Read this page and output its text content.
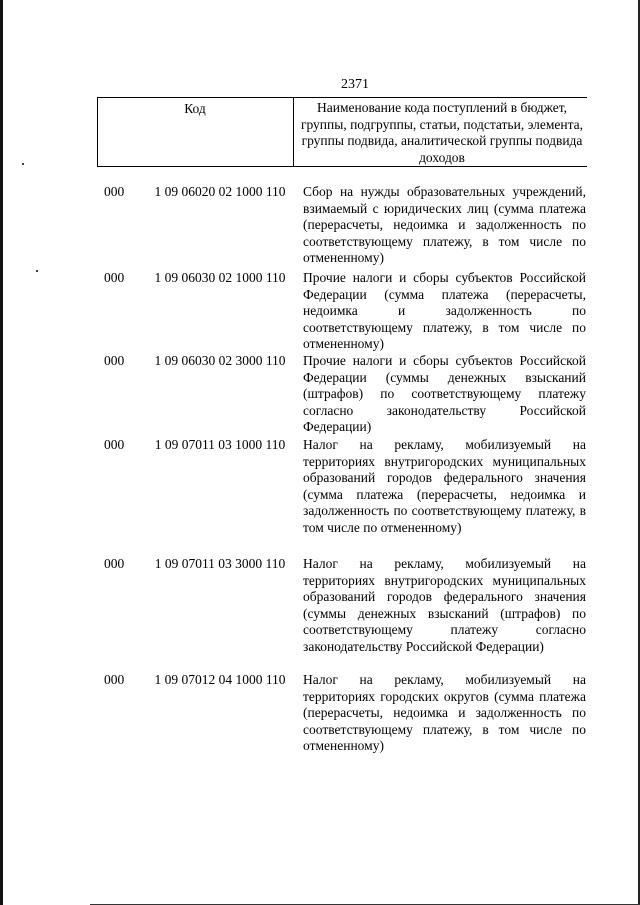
2371
Код	Наименование кода поступлений в бюджет, группы, подгруппы, статьи, подстатьи, элемента, группы подвида, аналитической группы подвида доходов
000	1 09 06020 02 1000 110	Сбор на нужды образовательных учреждений, взимаемый с юридических лиц (сумма платежа (перерасчеты, недоимка и задолженность по соответствующему платежу, в том числе по отмененному)
000	1 09 06030 02 1000 110	Прочие налоги и сборы субъектов Российской Федерации (сумма платежа (перерасчеты, недоимка и задолженность по соответствующему платежу, в том числе по отмененному)
000	1 09 06030 02 3000 110	Прочие налоги и сборы субъектов Российской Федерации (суммы денежных взысканий (штрафов) по соответствующему платежу согласно законодательству Российской Федерации)
000	1 09 07011 03 1000 110	Налог на рекламу, мобилизуемый на территориях внутригородских муниципальных образований городов федерального значения (сумма платежа (перерасчеты, недоимка и задолженность по соответствующему платежу, в том числе по отмененному)
000	1 09 07011 03 3000 110	Налог на рекламу, мобилизуемый на территориях внутригородских муниципальных образований городов федерального значения (суммы денежных взысканий (штрафов) по соответствующему платежу согласно законодательству Российской Федерации)
000	1 09 07012 04 1000 110	Налог на рекламу, мобилизуемый на территориях городских округов (сумма платежа (перерасчеты, недоимка и задолженность по соответствующему платежу, в том числе по отмененному)
